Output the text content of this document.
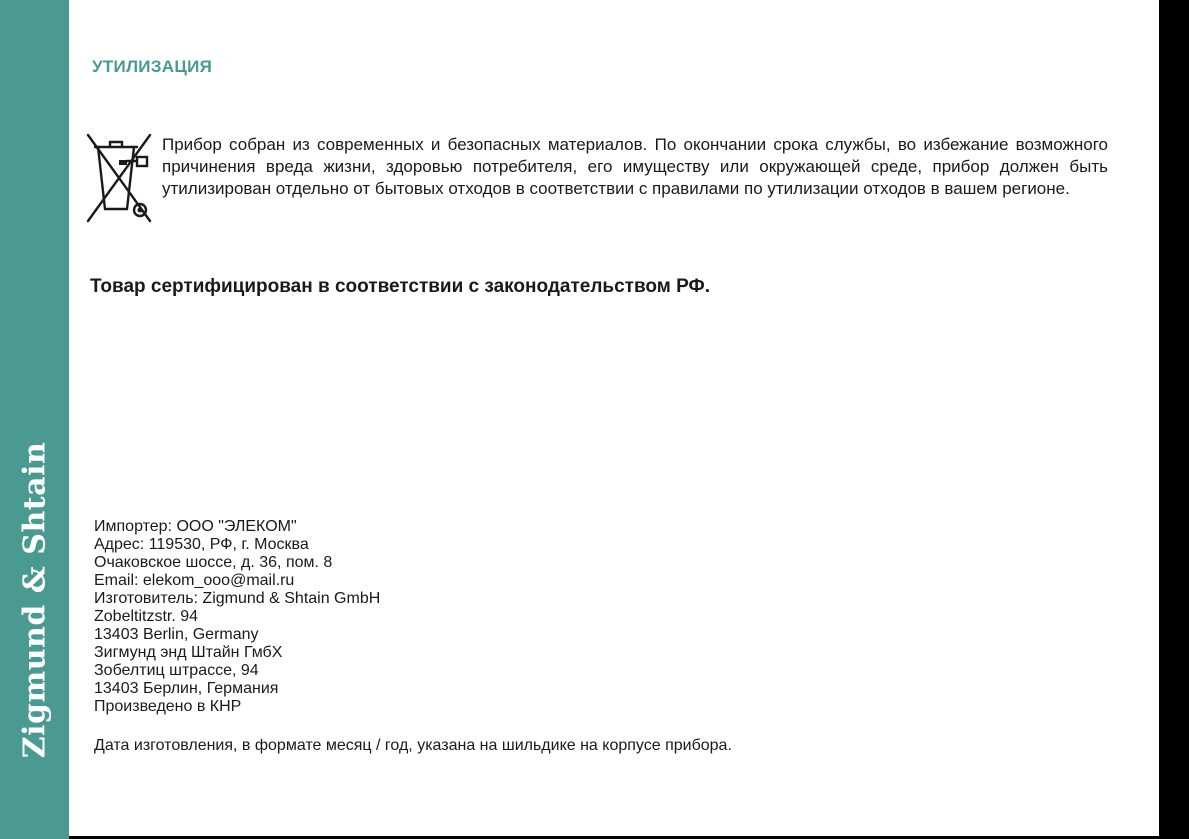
Zigmund & Shtain
УТИЛИЗАЦИЯ
Прибор собран из современных и безопасных материалов. По окончании срока службы, во избежание возможного причинения вреда жизни, здоровью потребителя, его имуществу или окружающей среде, прибор должен быть утилизирован отдельно от бытовых отходов в соответствии с правилами по утилизации отходов в вашем регионе.
Товар сертифицирован в соответствии с законодательством РФ.
Импортер: ООО "ЭЛЕКОМ"
Адрес: 119530, РФ, г. Москва
Очаковское шоссе, д. 36, пом. 8
Email: elekom_ooo@mail.ru
Изготовитель: Zigmund & Shtain GmbH
Zobeltitzstr. 94
13403 Berlin, Germany
Зигмунд энд Штайн ГмбХ
Зобелтиц штрассе, 94
13403 Берлин, Германия
Произведено в КНР
Дата изготовления, в формате месяц / год, указана на шильдике на корпусе прибора.
